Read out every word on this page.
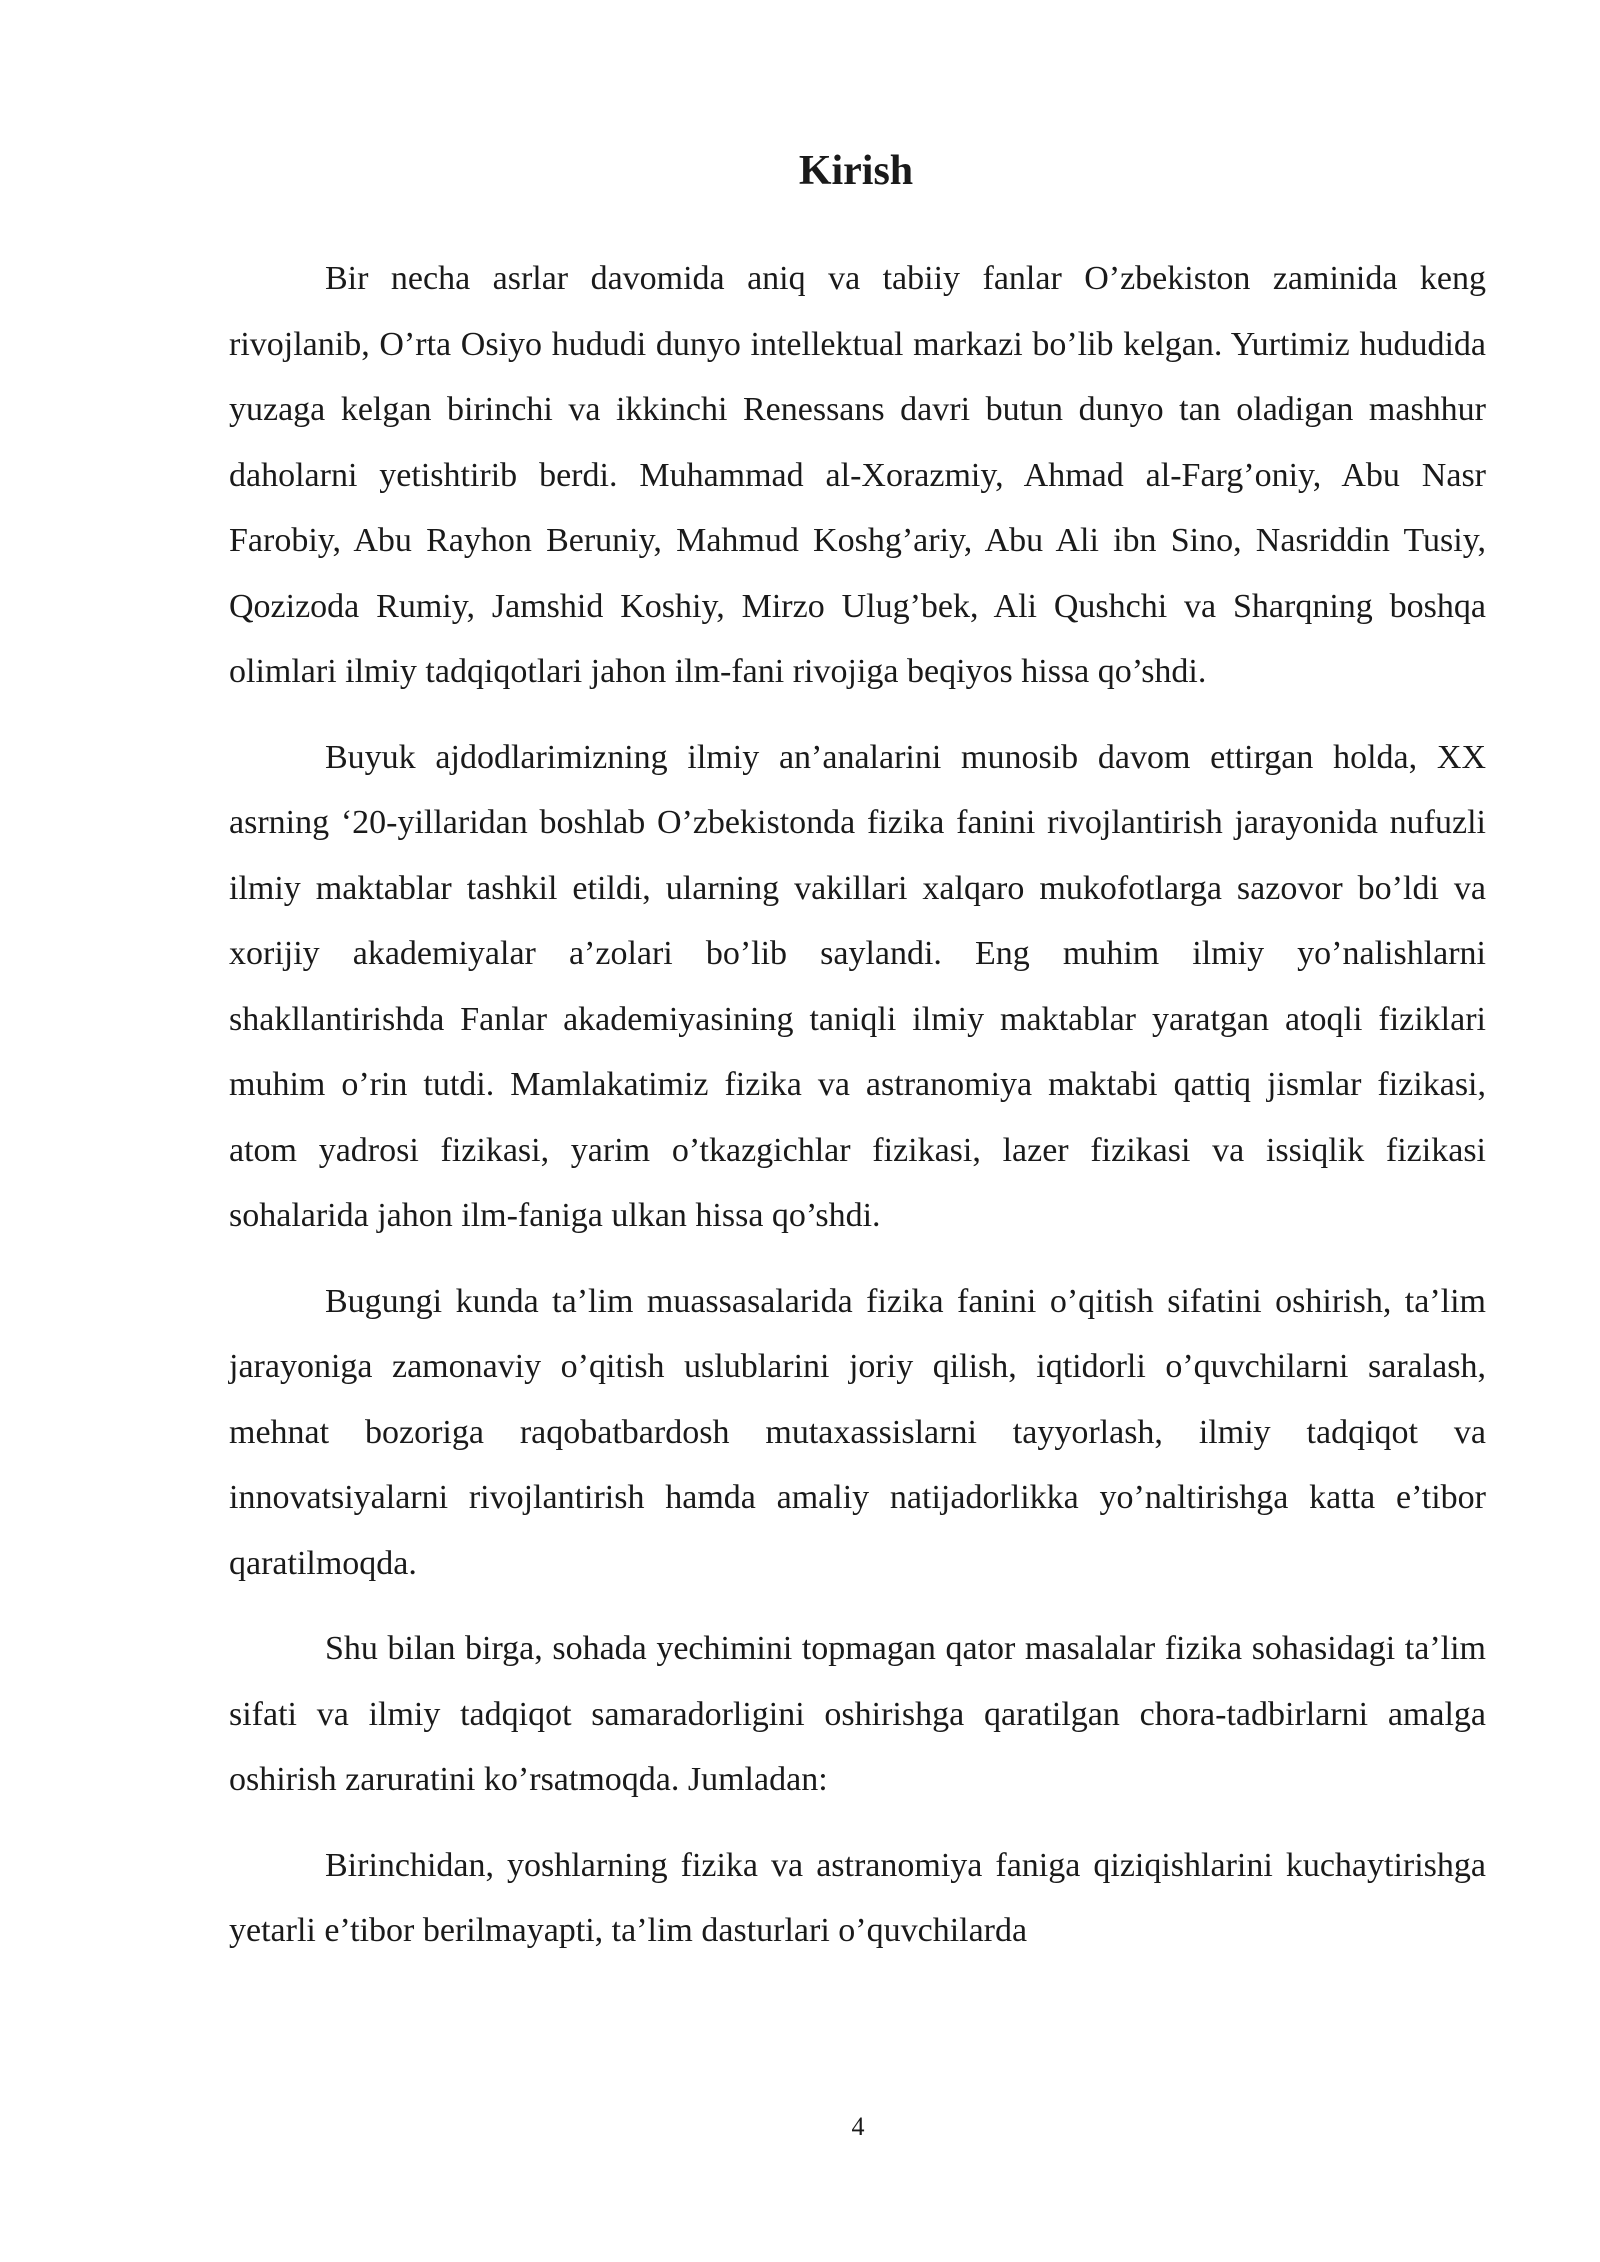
Kirish

Bir necha asrlar davomida aniq va tabiiy fanlar O’zbekiston zaminida keng rivojlanib, O’rta Osiyo hududi dunyo intellektual markazi bo’lib kelgan. Yurtimiz hududida yuzaga kelgan birinchi va ikkinchi Renessans davri butun dunyo tan oladigan mashhur daholarni yetishtirib berdi. Muhammad al-Xorazmiy, Ahmad al-Farg’oniy, Abu Nasr Farobiy, Abu Rayhon Beruniy, Mahmud Koshg’ariy, Abu Ali ibn Sino, Nasriddin Tusiy, Qozizoda Rumiy, Jamshid Koshiy, Mirzo Ulug’bek, Ali Qushchi va Sharqning boshqa olimlari ilmiy tadqiqotlari jahon ilm-fani rivojiga beqiyos hissa qo’shdi.

Buyuk ajdodlarimizning ilmiy an’analarini munosib davom ettirgan holda, XX asrning ‘20-yillaridan boshlab O’zbekistonda fizika fanini rivojlantirish jarayonida nufuzli ilmiy maktablar tashkil etildi, ularning vakillari xalqaro mukofotlarga sazovor bo’ldi va xorijiy akademiyalar a’zolari bo’lib saylandi. Eng muhim ilmiy yo’nalishlarni shakllantirishda Fanlar akademiyasining taniqli ilmiy maktablar yaratgan atoqli fiziklari muhim o’rin tutdi. Mamlakatimiz fizika va astranomiya maktabi qattiq jismlar fizikasi, atom yadrosi fizikasi, yarim o’tkazgichlar fizikasi, lazer fizikasi va issiqlik fizikasi sohalarida jahon ilm-faniga ulkan hissa qo’shdi.

Bugungi kunda ta’lim muassasalarida fizika fanini o’qitish sifatini oshirish, ta’lim jarayoniga zamonaviy o’qitish uslublarini joriy qilish, iqtidorli o’quvchilarni saralash, mehnat bozoriga raqobatbardosh mutaxassislarni tayyorlash, ilmiy tadqiqot va innovatsiyalarni rivojlantirish hamda amaliy natijadorlikka yo’naltirishga katta e’tibor qaratilmoqda.

Shu bilan birga, sohada yechimini topmagan qator masalalar fizika sohasidagi ta’lim sifati va ilmiy tadqiqot samaradorligini oshirishga qaratilgan chora-tadbirlarni amalga oshirish zaruratini ko’rsatmoqda. Jumladan:

Birinchidan, yoshlarning fizika va astranomiya faniga qiziqishlarini kuchaytirishga yetarli e’tibor berilmayapti, ta’lim dasturlari o’quvchilarda

4
